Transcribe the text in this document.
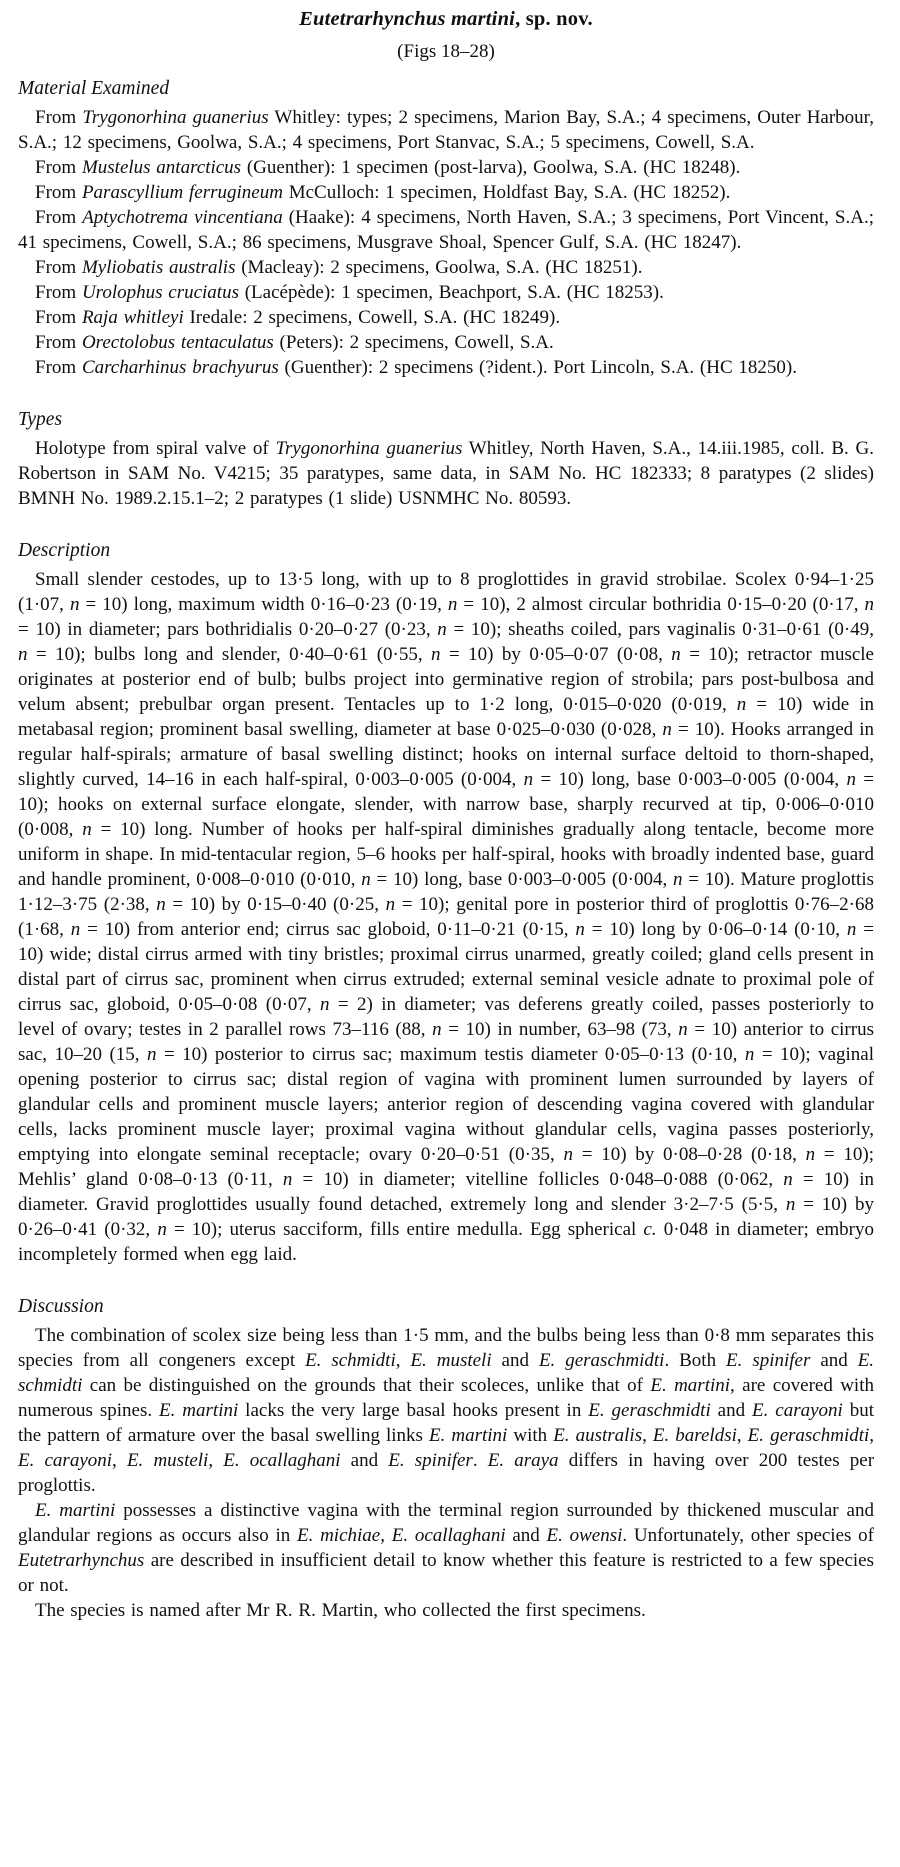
Eutetrarhynchus martini, sp. nov.

(Figs 18–28)

Material Examined

From Trygonorhina guanerius Whitley: types; 2 specimens, Marion Bay, S.A.; 4 specimens, Outer Harbour, S.A.; 12 specimens, Goolwa, S.A.; 4 specimens, Port Stanvac, S.A.; 5 specimens, Cowell, S.A.

From Mustelus antarcticus (Guenther): 1 specimen (post-larva), Goolwa, S.A. (HC 18248).

From Parascyllium ferrugineum McCulloch: 1 specimen, Holdfast Bay, S.A. (HC 18252).

From Aptychotrema vincentiana (Haake): 4 specimens, North Haven, S.A.; 3 specimens, Port Vincent, S.A.; 41 specimens, Cowell, S.A.; 86 specimens, Musgrave Shoal, Spencer Gulf, S.A. (HC 18247).

From Myliobatis australis (Macleay): 2 specimens, Goolwa, S.A. (HC 18251).

From Urolophus cruciatus (Lacépède): 1 specimen, Beachport, S.A. (HC 18253).

From Raja whitleyi Iredale: 2 specimens, Cowell, S.A. (HC 18249).

From Orectolobus tentaculatus (Peters): 2 specimens, Cowell, S.A.

From Carcharhinus brachyurus (Guenther): 2 specimens (?ident.). Port Lincoln, S.A. (HC 18250).

Types

Holotype from spiral valve of Trygonorhina guanerius Whitley, North Haven, S.A., 14.iii.1985, coll. B. G. Robertson in SAM No. V4215; 35 paratypes, same data, in SAM No. HC 182333; 8 paratypes (2 slides) BMNH No. 1989.2.15.1–2; 2 paratypes (1 slide) USNMHC No. 80593.

Description

Small slender cestodes, up to 13·5 long, with up to 8 proglottides in gravid strobilae. Scolex 0·94–1·25 (1·07, n = 10) long, maximum width 0·16–0·23 (0·19, n = 10), 2 almost circular bothridia 0·15–0·20 (0·17, n = 10) in diameter; pars bothridialis 0·20–0·27 (0·23, n = 10); sheaths coiled, pars vaginalis 0·31–0·61 (0·49, n = 10); bulbs long and slender, 0·40–0·61 (0·55, n = 10) by 0·05–0·07 (0·08, n = 10); retractor muscle originates at posterior end of bulb; bulbs project into germinative region of strobila; pars post-bulbosa and velum absent; prebulbar organ present. Tentacles up to 1·2 long, 0·015–0·020 (0·019, n = 10) wide in metabasal region; prominent basal swelling, diameter at base 0·025–0·030 (0·028, n = 10). Hooks arranged in regular half-spirals; armature of basal swelling distinct; hooks on internal surface deltoid to thorn-shaped, slightly curved, 14–16 in each half-spiral, 0·003–0·005 (0·004, n = 10) long, base 0·003–0·005 (0·004, n = 10); hooks on external surface elongate, slender, with narrow base, sharply recurved at tip, 0·006–0·010 (0·008, n = 10) long. Number of hooks per half-spiral diminishes gradually along tentacle, become more uniform in shape. In mid-tentacular region, 5–6 hooks per half-spiral, hooks with broadly indented base, guard and handle prominent, 0·008–0·010 (0·010, n = 10) long, base 0·003–0·005 (0·004, n = 10). Mature proglottis 1·12–3·75 (2·38, n = 10) by 0·15–0·40 (0·25, n = 10); genital pore in posterior third of proglottis 0·76–2·68 (1·68, n = 10) from anterior end; cirrus sac globoid, 0·11–0·21 (0·15, n = 10) long by 0·06–0·14 (0·10, n = 10) wide; distal cirrus armed with tiny bristles; proximal cirrus unarmed, greatly coiled; gland cells present in distal part of cirrus sac, prominent when cirrus extruded; external seminal vesicle adnate to proximal pole of cirrus sac, globoid, 0·05–0·08 (0·07, n = 2) in diameter; vas deferens greatly coiled, passes posteriorly to level of ovary; testes in 2 parallel rows 73–116 (88, n = 10) in number, 63–98 (73, n = 10) anterior to cirrus sac, 10–20 (15, n = 10) posterior to cirrus sac; maximum testis diameter 0·05–0·13 (0·10, n = 10); vaginal opening posterior to cirrus sac; distal region of vagina with prominent lumen surrounded by layers of glandular cells and prominent muscle layers; anterior region of descending vagina covered with glandular cells, lacks prominent muscle layer; proximal vagina without glandular cells, vagina passes posteriorly, emptying into elongate seminal receptacle; ovary 0·20–0·51 (0·35, n = 10) by 0·08–0·28 (0·18, n = 10); Mehlis’ gland 0·08–0·13 (0·11, n = 10) in diameter; vitelline follicles 0·048–0·088 (0·062, n = 10) in diameter. Gravid proglottides usually found detached, extremely long and slender 3·2–7·5 (5·5, n = 10) by 0·26–0·41 (0·32, n = 10); uterus sacciform, fills entire medulla. Egg spherical c. 0·048 in diameter; embryo incompletely formed when egg laid.

Discussion

The combination of scolex size being less than 1·5 mm, and the bulbs being less than 0·8 mm separates this species from all congeners except E. schmidti, E. musteli and E. geraschmidti. Both E. spinifer and E. schmidti can be distinguished on the grounds that their scoleces, unlike that of E. martini, are covered with numerous spines. E. martini lacks the very large basal hooks present in E. geraschmidti and E. carayoni but the pattern of armature over the basal swelling links E. martini with E. australis, E. bareldsi, E. geraschmidti, E. carayoni, E. musteli, E. ocallaghani and E. spinifer. E. araya differs in having over 200 testes per proglottis.

E. martini possesses a distinctive vagina with the terminal region surrounded by thickened muscular and glandular regions as occurs also in E. michiae, E. ocallaghani and E. owensi. Unfortunately, other species of Eutetrarhynchus are described in insufficient detail to know whether this feature is restricted to a few species or not.

The species is named after Mr R. R. Martin, who collected the first specimens.
